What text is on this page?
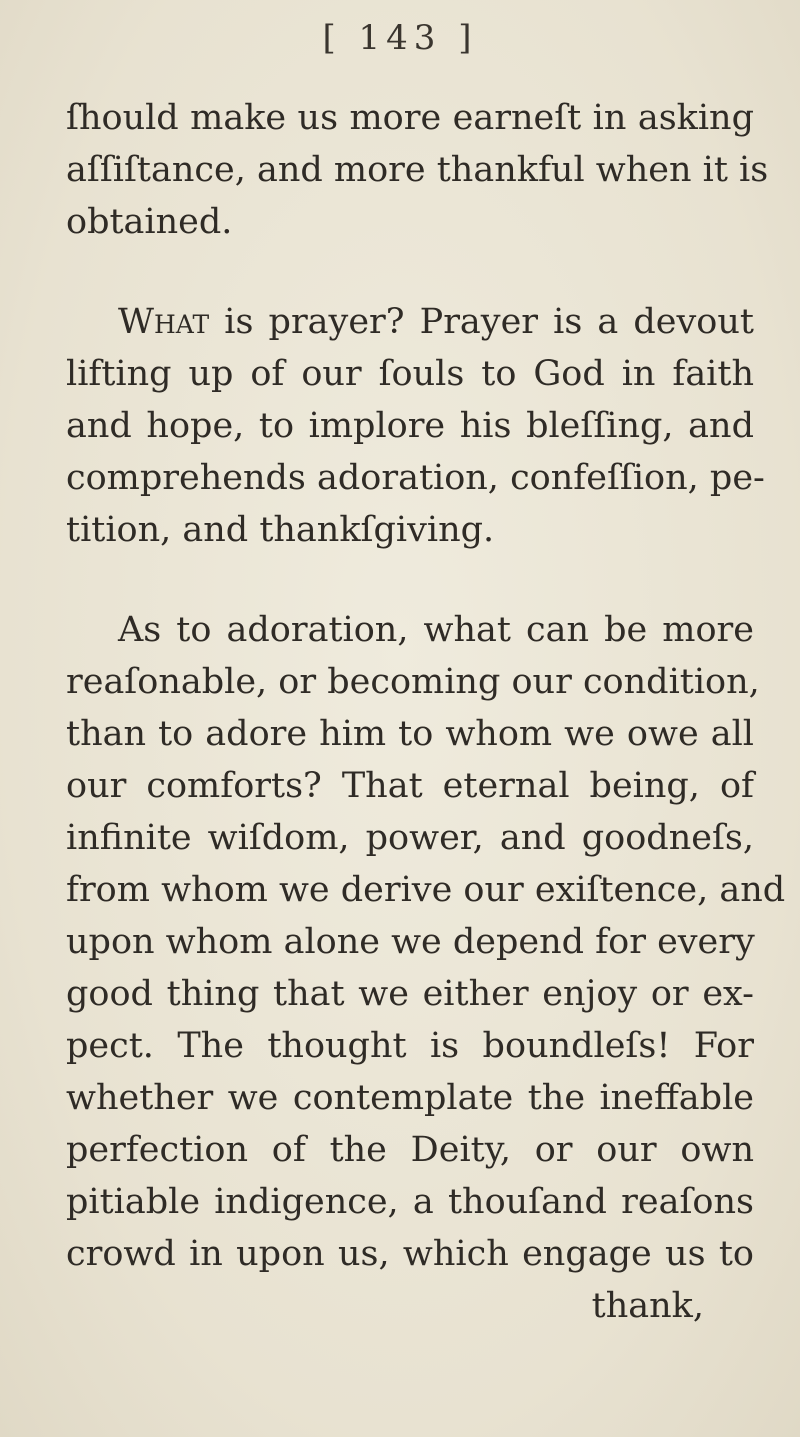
[ 143 ]
ſhould make us more earneſt in asking
aſſiſtance, and more thankful when it is
obtained.
What is prayer? Prayer is a devout
lifting up of our ſouls to God in faith
and hope, to implore his bleſſing, and
comprehends adoration, confeſſion, pe-
tition, and thankſgiving.
As to adoration, what can be more
reaſonable, or becoming our condition,
than to adore him to whom we owe all
our comforts? That eternal being, of
infinite wiſdom, power, and goodneſs,
from whom we derive our exiſtence, and
upon whom alone we depend for every
good thing that we either enjoy or ex-
pect. The thought is boundleſs! For
whether we contemplate the ineffable
perfection of the Deity, or our own
pitiable indigence, a thouſand reaſons
crowd in upon us, which engage us to
thank,
